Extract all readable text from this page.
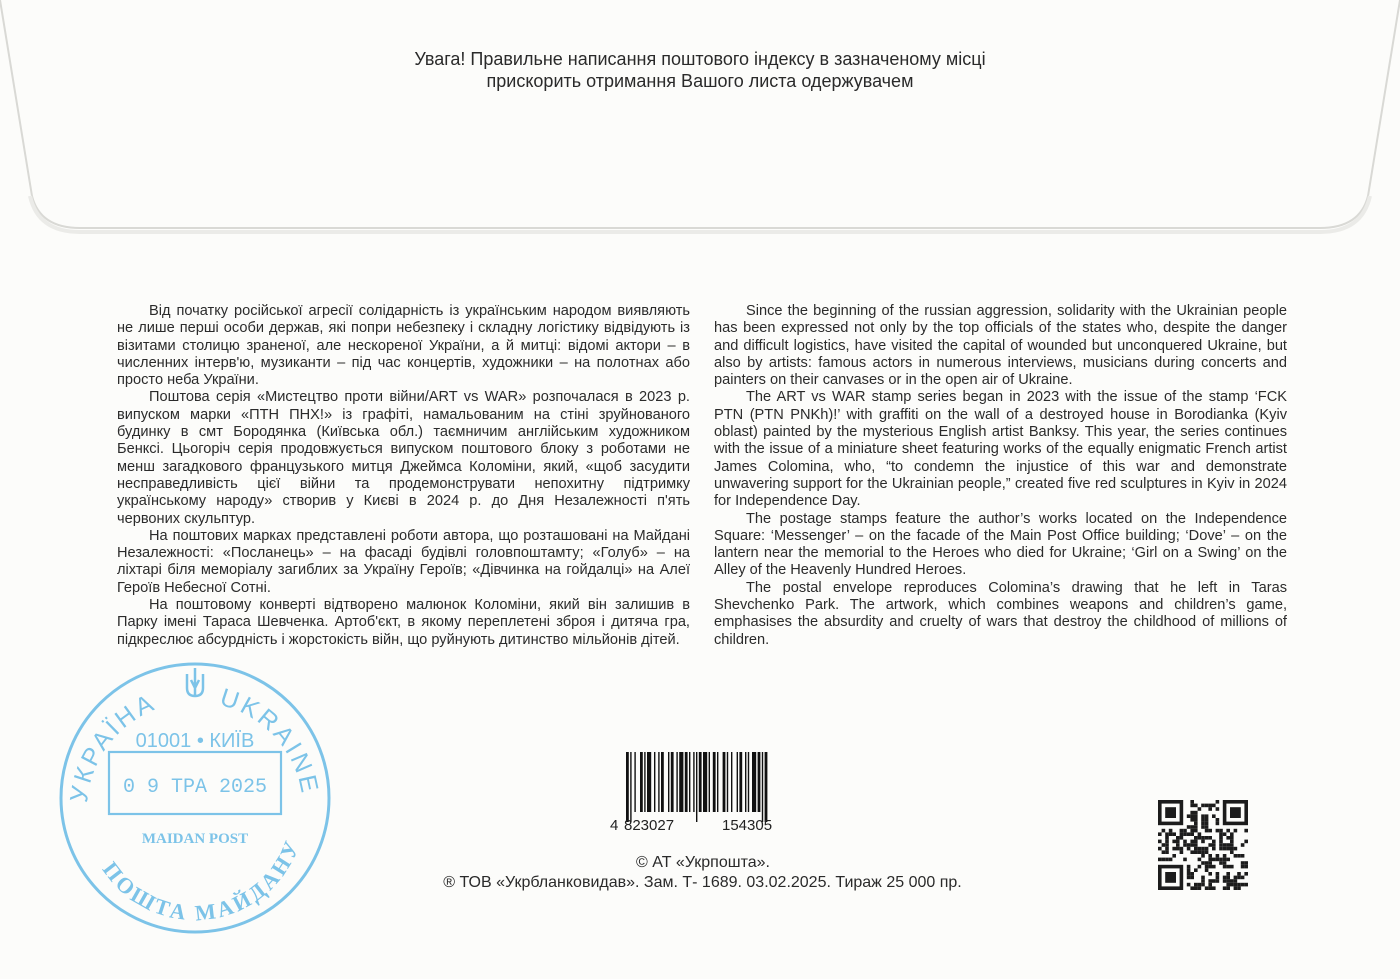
Увага! Правильне написання поштового індексу в зазначеному місці
прискорить отримання Вашого листа одержувачем

Від початку російської агресії солідарність із українським народом виявляють не лише перші особи держав, які попри небезпеку і складну логістику відвідують із візитами столицю зраненої, але нескореної України, а й митці: відомі актори – в численних інтерв'ю, музиканти – під час концертів, художники – на полотнах або просто неба України.

Поштова серія «Мистецтво проти війни/ART vs WAR» розпочалася в 2023 р. випуском марки «ПТН ПНХ!» із графіті, намальованим на стіні зруйнованого будинку в смт Бородянка (Київська обл.) таємничим англійським художником Бенксі. Цьогоріч серія продовжується випуском поштового блоку з роботами не менш загадкового французького митця Джеймса Коломіни, який, «щоб засудити несправедливість цієї війни та продемонструвати непохитну підтримку українському народу» створив у Києві в 2024 р. до Дня Незалежності п'ять червоних скульптур.

На поштових марках представлені роботи автора, що розташовані на Майдані Незалежності: «Посланець» – на фасаді будівлі головпоштамту; «Голуб» – на ліхтарі біля меморіалу загиблих за Україну Героїв; «Дівчинка на гойдалці» на Алеї Героїв Небесної Сотні.

На поштовому конверті відтворено малюнок Коломіни, який він залишив в Парку імені Тараса Шевченка. Артоб'єкт, в якому переплетені зброя і дитяча гра, підкреслює абсурдність і жорстокість війн, що руйнують дитинство мільйонів дітей.

Since the beginning of the russian aggression, solidarity with the Ukrainian people has been expressed not only by the top officials of the states who, despite the danger and difficult logistics, have visited the capital of wounded but unconquered Ukraine, but also by artists: famous actors in numerous interviews, musicians during concerts and painters on their canvases or in the open air of Ukraine.

The ART vs WAR stamp series began in 2023 with the issue of the stamp ‘FCK PTN (PTN PNKh)!’ with graffiti on the wall of a destroyed house in Borodianka (Kyiv oblast) painted by the mysterious English artist Banksy. This year, the series continues with the issue of a miniature sheet featuring works of the equally enigmatic French artist James Colomina, who, “to condemn the injustice of this war and demonstrate unwavering support for the Ukrainian people,” created five red sculptures in Kyiv in 2024 for Independence Day.

The postage stamps feature the author’s works located on the Independence Square: ‘Messenger’ – on the facade of the Main Post Office building; ‘Dove’ – on the lantern near the memorial to the Heroes who died for Ukraine; ‘Girl on a Swing’ on the Alley of the Heavenly Hundred Heroes.

The postal envelope reproduces Colomina’s drawing that he left in Taras Shevchenko Park. The artwork, which combines weapons and children’s game, emphasises the absurdity and cruelty of wars that destroy the childhood of millions of children.

УКРАЇНА UKRAINE
01001 • КИЇВ
0 9 ТРА 2025
MAIDAN POST
ПОШТА МАЙДАНУ
4 823027	154305
© АТ «Укрпошта».
® ТОВ «Укрбланковидав». Зам. Т- 1689. 03.02.2025. Тираж 25 000 пр.
